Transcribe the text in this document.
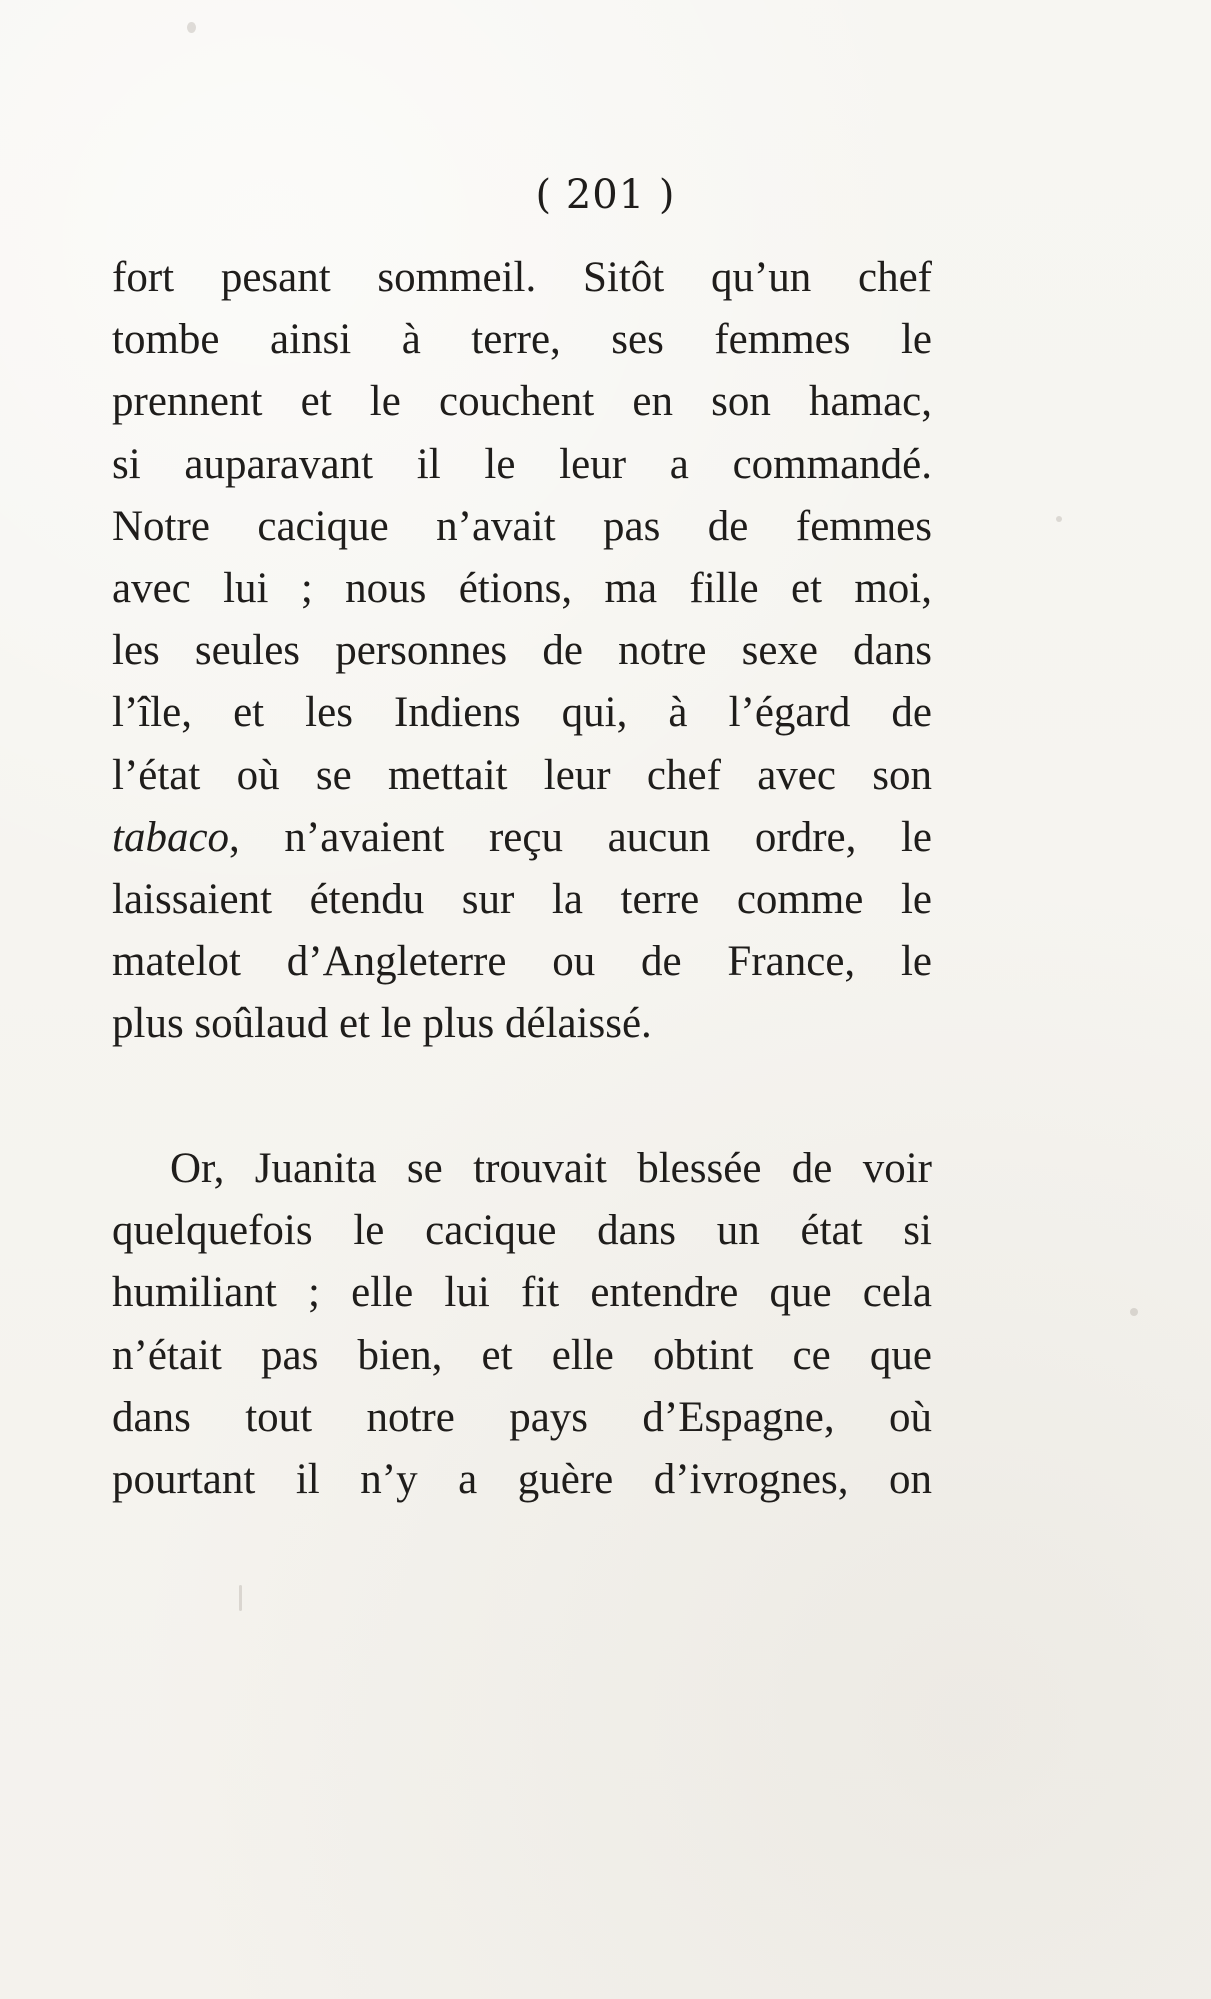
( 201 )
fort pesant sommeil. Sitôt qu’un chef
tombe ainsi à terre, ses femmes le
prennent et le couchent en son hamac,
si auparavant il le leur a commandé.
Notre cacique n’avait pas de femmes
avec lui ; nous étions, ma fille et moi,
les seules personnes de notre sexe dans
l’île, et les Indiens qui, à l’égard de
l’état où se mettait leur chef avec son
tabaco, n’avaient reçu aucun ordre, le
laissaient étendu sur la terre comme le
matelot d’Angleterre ou de France, le
plus soûlaud et le plus délaissé.
Or, Juanita se trouvait blessée de voir
quelquefois le cacique dans un état si
humiliant ; elle lui fit entendre que cela
n’était pas bien, et elle obtint ce que
dans tout notre pays d’Espagne, où
pourtant il n’y a guère d’ivrognes, on
